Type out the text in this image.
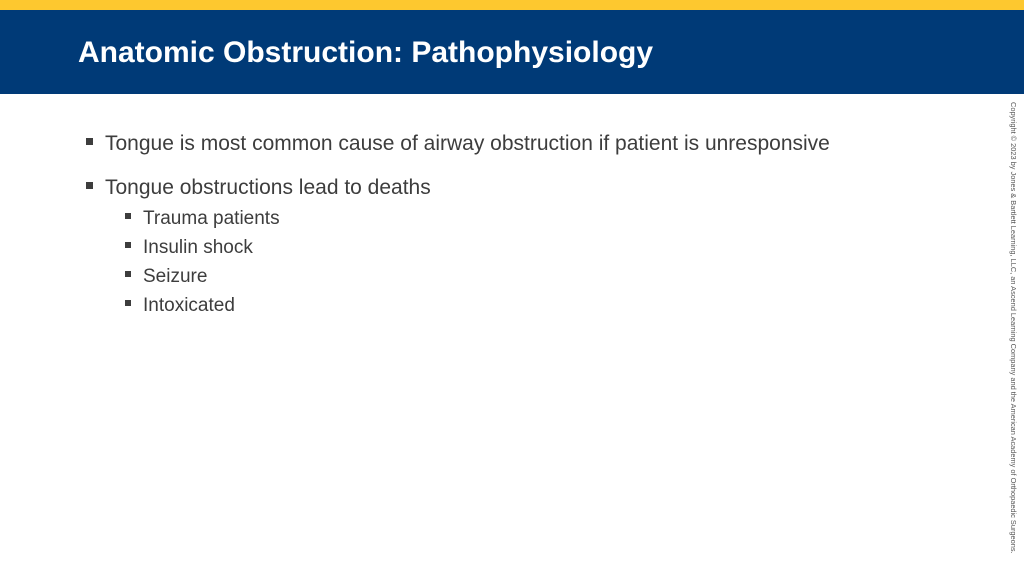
Anatomic Obstruction: Pathophysiology
Tongue is most common cause of airway obstruction if patient is unresponsive
Tongue obstructions lead to deaths
Trauma patients
Insulin shock
Seizure
Intoxicated	Copyright © 2023 by Jones & Bartlett Learning, LLC, an Ascend Learning Company and the American Academy of Orthopaedic Surgeons.
